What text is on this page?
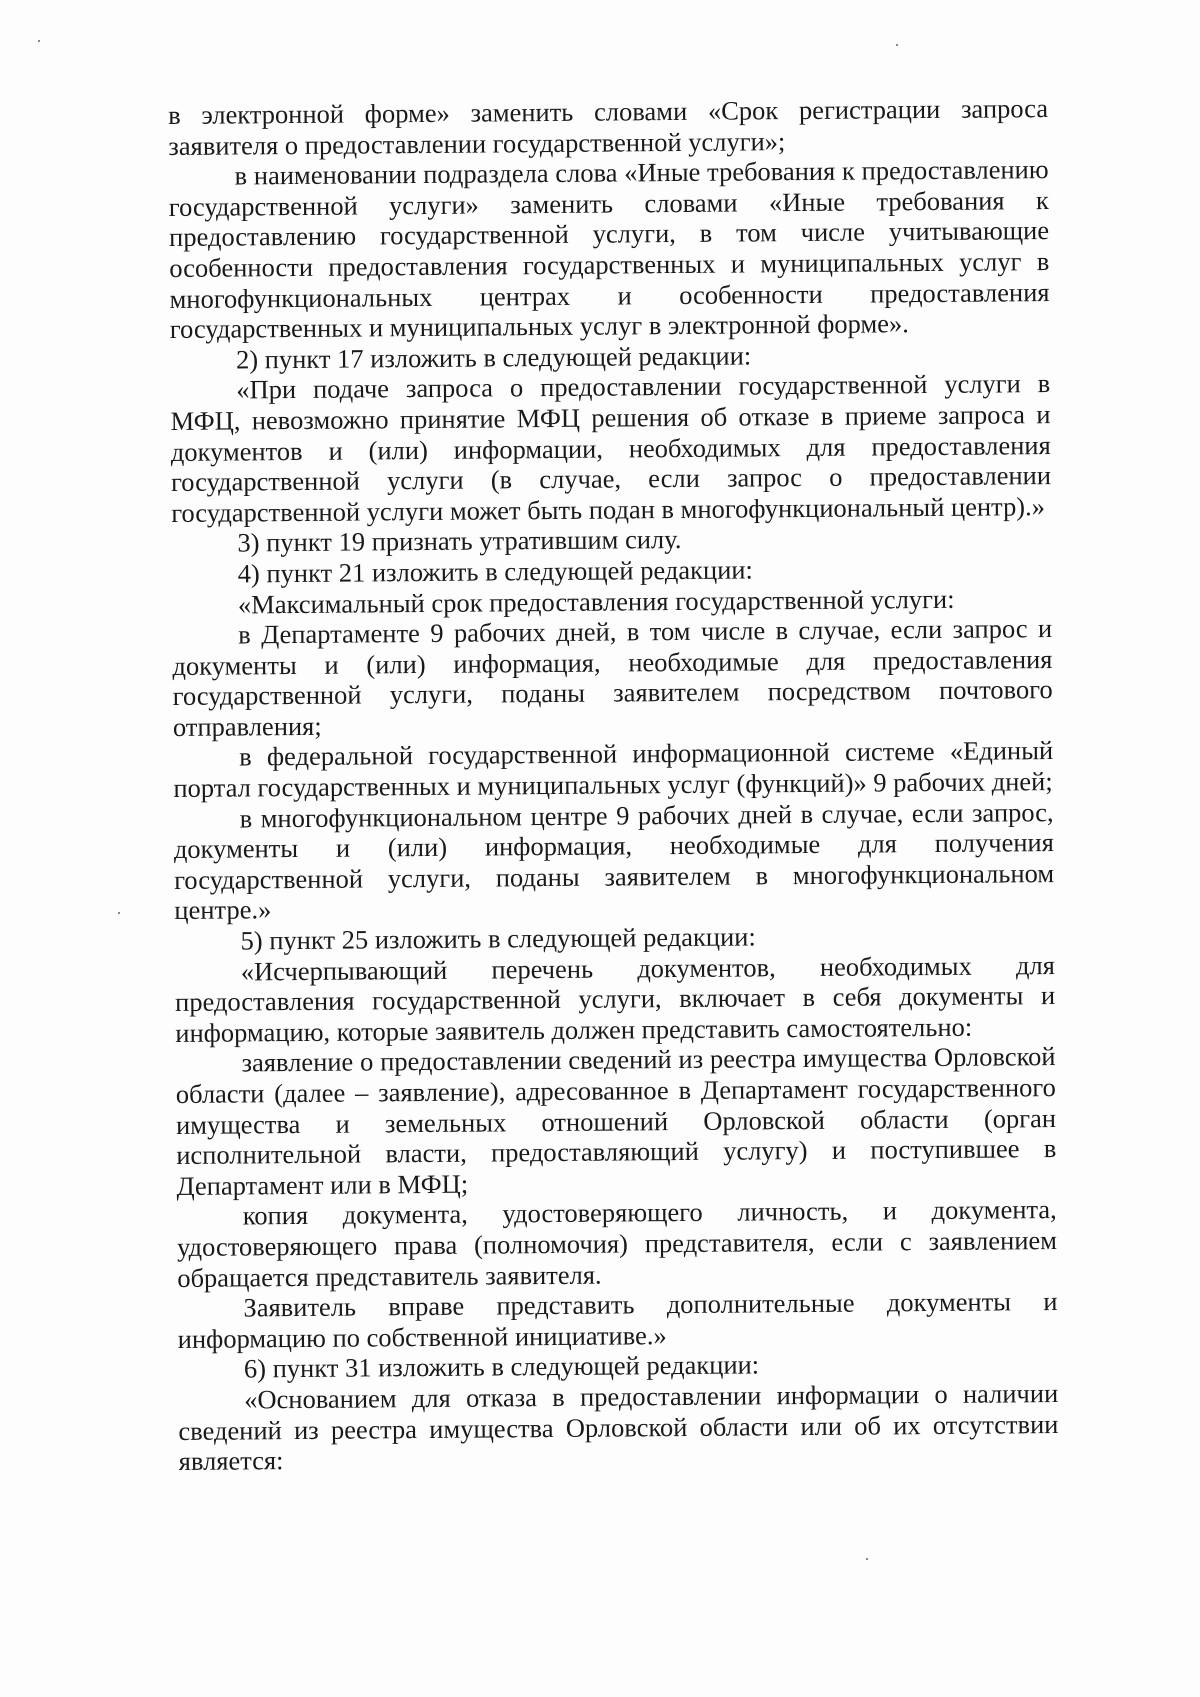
в электронной форме» заменить словами «Срок регистрации запроса заявителя о предоставлении государственной услуги»;

в наименовании подраздела слова «Иные требования к предоставлению государственной услуги» заменить словами «Иные требования к предоставлению государственной услуги, в том числе учитывающие особенности предоставления государственных и муниципальных услуг в многофункциональных центрах и особенности предоставления государственных и муниципальных услуг в электронной форме».

2) пункт 17 изложить в следующей редакции:

«При подаче запроса о предоставлении государственной услуги в МФЦ, невозможно принятие МФЦ решения об отказе в приеме запроса и документов и (или) информации, необходимых для предоставления государственной услуги (в случае, если запрос о предоставлении государственной услуги может быть подан в многофункциональный центр).»

3) пункт 19 признать утратившим силу.

4) пункт 21 изложить в следующей редакции:

«Максимальный срок предоставления государственной услуги:

в Департаменте 9 рабочих дней, в том числе в случае, если запрос и документы и (или) информация, необходимые для предоставления государственной услуги, поданы заявителем посредством почтового отправления;

в федеральной государственной информационной системе «Единый портал государственных и муниципальных услуг (функций)» 9 рабочих дней;

в многофункциональном центре 9 рабочих дней в случае, если запрос, документы и (или) информация, необходимые для получения государственной услуги, поданы заявителем в многофункциональном центре.»

5) пункт 25 изложить в следующей редакции:

«Исчерпывающий перечень документов, необходимых для предоставления государственной услуги, включает в себя документы и информацию, которые заявитель должен представить самостоятельно:

заявление о предоставлении сведений из реестра имущества Орловской области (далее – заявление), адресованное в Департамент государственного имущества и земельных отношений Орловской области (орган исполнительной власти, предоставляющий услугу) и поступившее в Департамент или в МФЦ;

копия документа, удостоверяющего личность, и документа, удостоверяющего права (полномочия) представителя, если с заявлением обращается представитель заявителя.

Заявитель вправе представить дополнительные документы и информацию по собственной инициативе.»

6) пункт 31 изложить в следующей редакции:

«Основанием для отказа в предоставлении информации о наличии сведений из реестра имущества Орловской области или об их отсутствии является:
